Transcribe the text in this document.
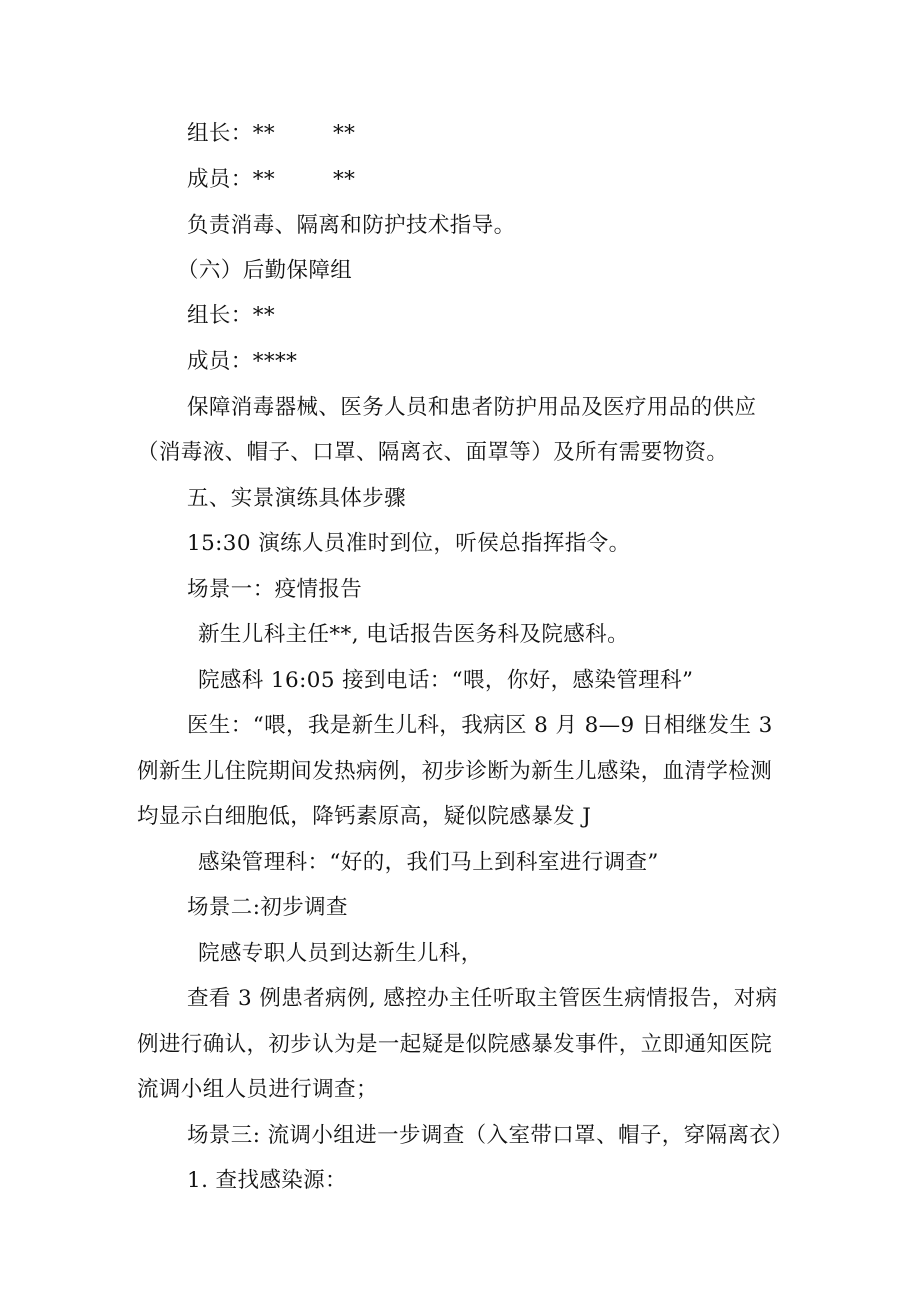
组长：**	**
成员：**	**
负责消毒、隔离和防护技术指导。
（六）后勤保障组
组长：**
成员：****
保障消毒器械、医务人员和患者防护用品及医疗用品的供应
（消毒液、帽子、口罩、隔离衣、面罩等）及所有需要物资。
五、实景演练具体步骤
15:30 演练人员准时到位，听侯总指挥指令。
场景一：疫情报告
新生儿科主任**, 电话报告医务科及院感科。
院感科 16:05 接到电话：“喂，你好，感染管理科”
医生：“喂，我是新生儿科，我病区 8 月 8—9 日相继发生 3
例新生儿住院期间发热病例，初步诊断为新生儿感染，血清学检测
均显示白细胞低，降钙素原高，疑似院感暴发 J
感染管理科：“好的，我们马上到科室进行调查”
场景二:初步调查
院感专职人员到达新生儿科，
查看 3 例患者病例, 感控办主任听取主管医生病情报告，对病
例进行确认，初步认为是一起疑是似院感暴发事件，立即通知医院
流调小组人员进行调查；
场景三: 流调小组进一步调查（入室带口罩、帽子，穿隔离衣）
1. 查找感染源：
